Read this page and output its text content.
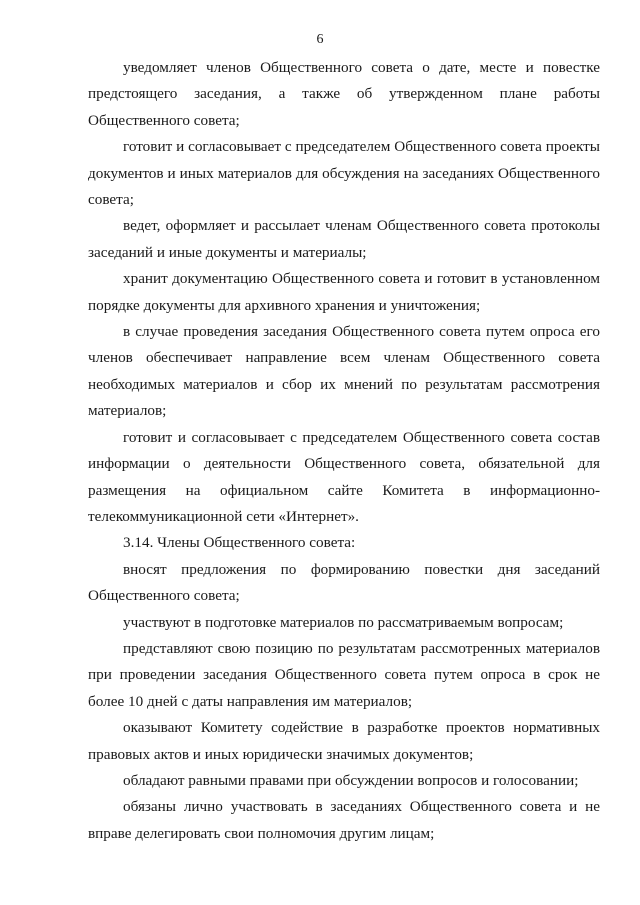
6

уведомляет членов Общественного совета о дате, месте и повестке предстоящего заседания, а также об утвержденном плане работы Общественного совета;

готовит и согласовывает с председателем Общественного совета проекты документов и иных материалов для обсуждения на заседаниях Общественного совета;

ведет, оформляет и рассылает членам Общественного совета протоколы заседаний и иные документы и материалы;

хранит документацию Общественного совета и готовит в установленном порядке документы для архивного хранения и уничтожения;

в случае проведения заседания Общественного совета путем опроса его членов обеспечивает направление всем членам Общественного совета необходимых материалов и сбор их мнений по результатам рассмотрения материалов;

готовит и согласовывает с председателем Общественного совета состав информации о деятельности Общественного совета, обязательной для размещения на официальном сайте Комитета в информационно-телекоммуникационной сети «Интернет».

3.14. Члены Общественного совета:

вносят предложения по формированию повестки дня заседаний Общественного совета;

участвуют в подготовке материалов по рассматриваемым вопросам;

представляют свою позицию по результатам рассмотренных материалов при проведении заседания Общественного совета путем опроса в срок не более 10 дней с даты направления им материалов;

оказывают Комитету содействие в разработке проектов нормативных правовых актов и иных юридически значимых документов;

обладают равными правами при обсуждении вопросов и голосовании;

обязаны лично участвовать в заседаниях Общественного совета и не вправе делегировать свои полномочия другим лицам;
